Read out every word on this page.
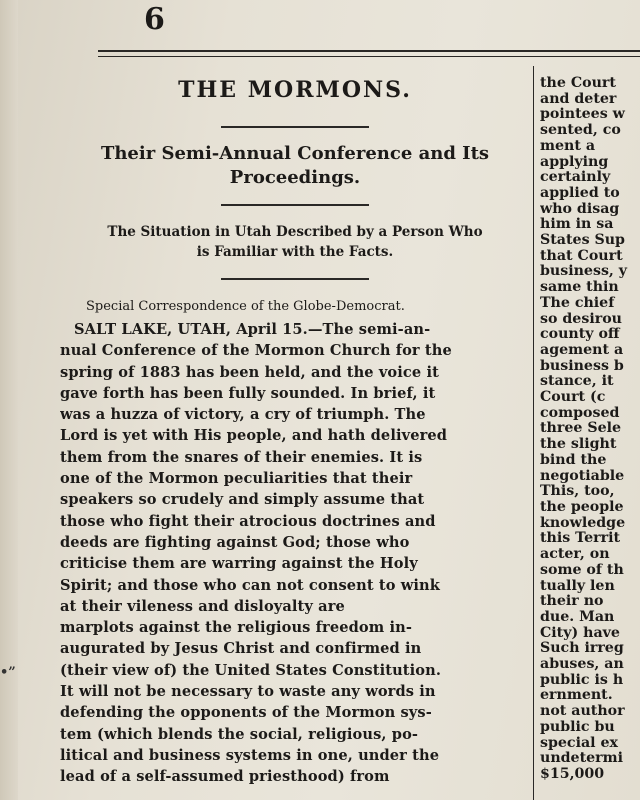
6
•”
THE MORMONS.
Their Semi-Annual Conference and Its
Proceedings.
The Situation in Utah Described by a Person Who
is Familiar with the Facts.
Special Correspondence of the Globe-Democrat.
SALT LAKE, UTAH, April 15.—The semi-an-
nual Conference of the Mormon Church for the
spring of 1883 has been held, and the voice it
gave forth has been fully sounded. In brief, it
was a huzza of victory, a cry of triumph. The
Lord is yet with His people, and hath delivered
them from the snares of their enemies. It is
one of the Mormon peculiarities that their
speakers so crudely and simply assume that
those who fight their atrocious doctrines and
deeds are fighting against God; those who
criticise them are warring against the Holy
Spirit; and those who can not consent to wink
at their vileness and disloyalty are
marplots against the religious freedom in-
augurated by Jesus Christ and confirmed in
(their view of) the United States Constitution.
It will not be necessary to waste any words in
defending the opponents of the Mormon sys-
tem (which blends the social, religious, po-
litical and business systems in one, under the
lead of a self-assumed priesthood) from
the Court
and deter
pointees w
sented, co
ment a
applying
certainly
applied to
who disag
him in sa
States Sup
that Court
business, y
same thin
The chief
so desirou
county off
agement a
business b
stance, it
Court (c
composed
three Sele
the slight
bind the
negotiable
This, too,
the people
knowledge
this Territ
acter, on
some of th
tually len
their no
due. Man
City) have
Such irreg
abuses, an
public is h
ernment.
not author
public bu
special ex
undetermi
$15,000
